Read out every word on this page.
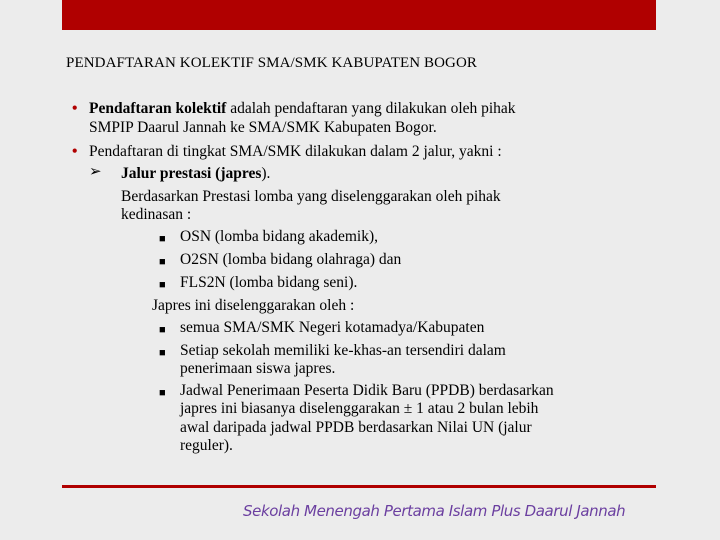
PENDAFTARAN KOLEKTIF SMA/SMK KABUPATEN BOGOR
• Pendaftaran kolektif adalah pendaftaran yang dilakukan oleh pihak
SMPIP Daarul Jannah ke SMA/SMK Kabupaten Bogor.
• Pendaftaran di tingkat SMA/SMK dilakukan dalam 2 jalur, yakni :
➢ Jalur prestasi (japres).
Berdasarkan Prestasi lomba yang diselenggarakan oleh pihak
kedinasan :
■ OSN (lomba bidang akademik),
■ O2SN (lomba bidang olahraga) dan
■ FLS2N (lomba bidang seni).
Japres ini diselenggarakan oleh :
■ semua SMA/SMK Negeri kotamadya/Kabupaten
■ Setiap sekolah memiliki ke-khas-an tersendiri dalam
penerimaan siswa japres.
■ Jadwal Penerimaan Peserta Didik Baru (PPDB) berdasarkan
japres ini biasanya diselenggarakan ± 1 atau 2 bulan lebih
awal daripada jadwal PPDB berdasarkan Nilai UN (jalur
reguler).
Sekolah Menengah Pertama Islam Plus Daarul Jannah
